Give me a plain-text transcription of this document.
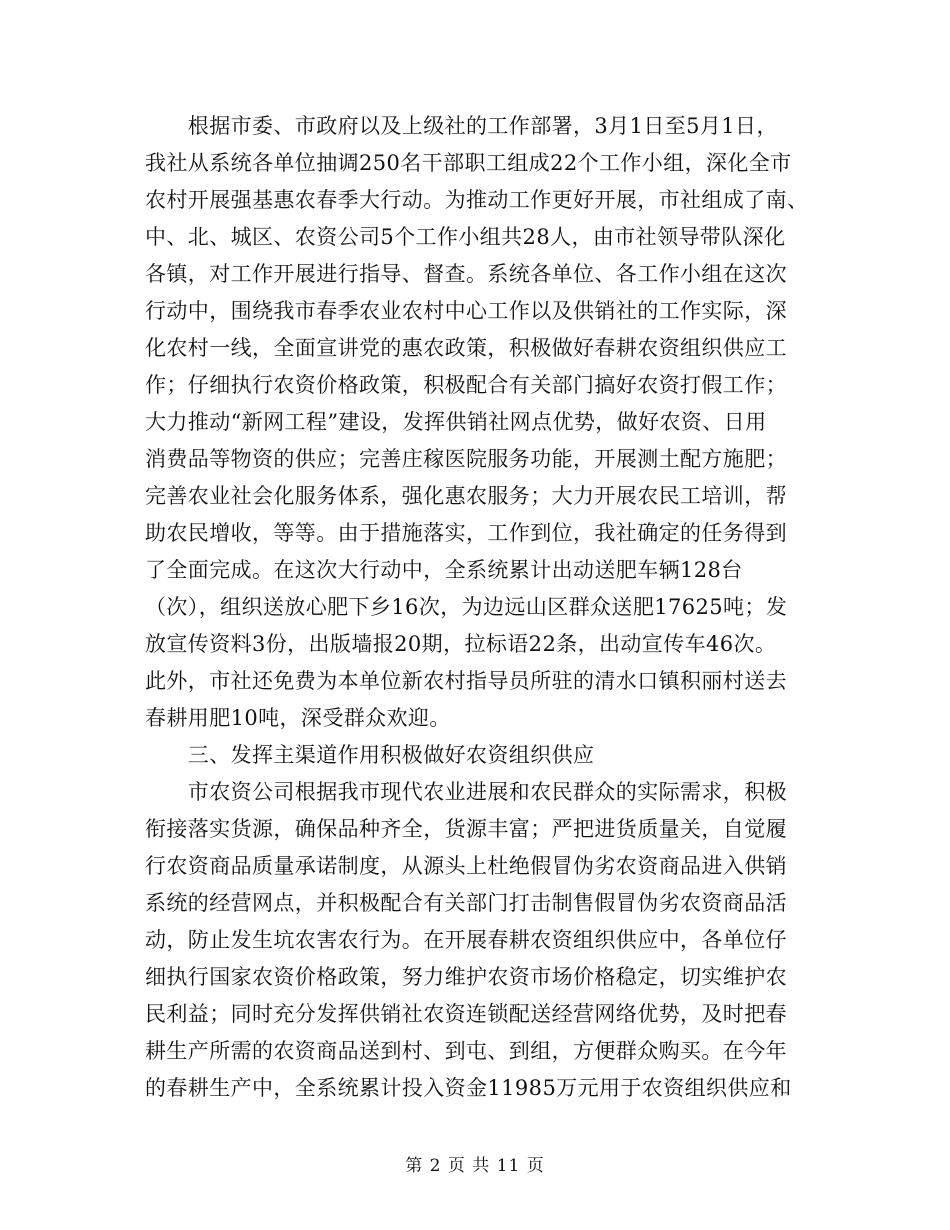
　　根据市委、市政府以及上级社的工作部署，3月1日至5月1日，
我社从系统各单位抽调250名干部职工组成22个工作小组，深化全市
农村开展强基惠农春季大行动。为推动工作更好开展，市社组成了南、
中、北、城区、农资公司5个工作小组共28人，由市社领导带队深化
各镇，对工作开展进行指导、督查。系统各单位、各工作小组在这次
行动中，围绕我市春季农业农村中心工作以及供销社的工作实际，深
化农村一线，全面宣讲党的惠农政策，积极做好春耕农资组织供应工
作；仔细执行农资价格政策，积极配合有关部门搞好农资打假工作；
大力推动“新网工程”建设，发挥供销社网点优势，做好农资、日用
消费品等物资的供应；完善庄稼医院服务功能，开展测土配方施肥；
完善农业社会化服务体系，强化惠农服务；大力开展农民工培训，帮
助农民增收，等等。由于措施落实，工作到位，我社确定的任务得到
了全面完成。在这次大行动中，全系统累计出动送肥车辆128台
（次），组织送放心肥下乡16次，为边远山区群众送肥17625吨；发
放宣传资料3份，出版墙报20期，拉标语22条，出动宣传车46次。
此外，市社还免费为本单位新农村指导员所驻的清水口镇积丽村送去
春耕用肥10吨，深受群众欢迎。
　　三、发挥主渠道作用积极做好农资组织供应
　　市农资公司根据我市现代农业进展和农民群众的实际需求，积极
衔接落实货源，确保品种齐全，货源丰富；严把进货质量关，自觉履
行农资商品质量承诺制度，从源头上杜绝假冒伪劣农资商品进入供销
系统的经营网点，并积极配合有关部门打击制售假冒伪劣农资商品活
动，防止发生坑农害农行为。在开展春耕农资组织供应中，各单位仔
细执行国家农资价格政策，努力维护农资市场价格稳定，切实维护农
民利益；同时充分发挥供销社农资连锁配送经营网络优势，及时把春
耕生产所需的农资商品送到村、到屯、到组，方便群众购买。在今年
的春耕生产中，全系统累计投入资金11985万元用于农资组织供应和
第 2 页 共 11 页
